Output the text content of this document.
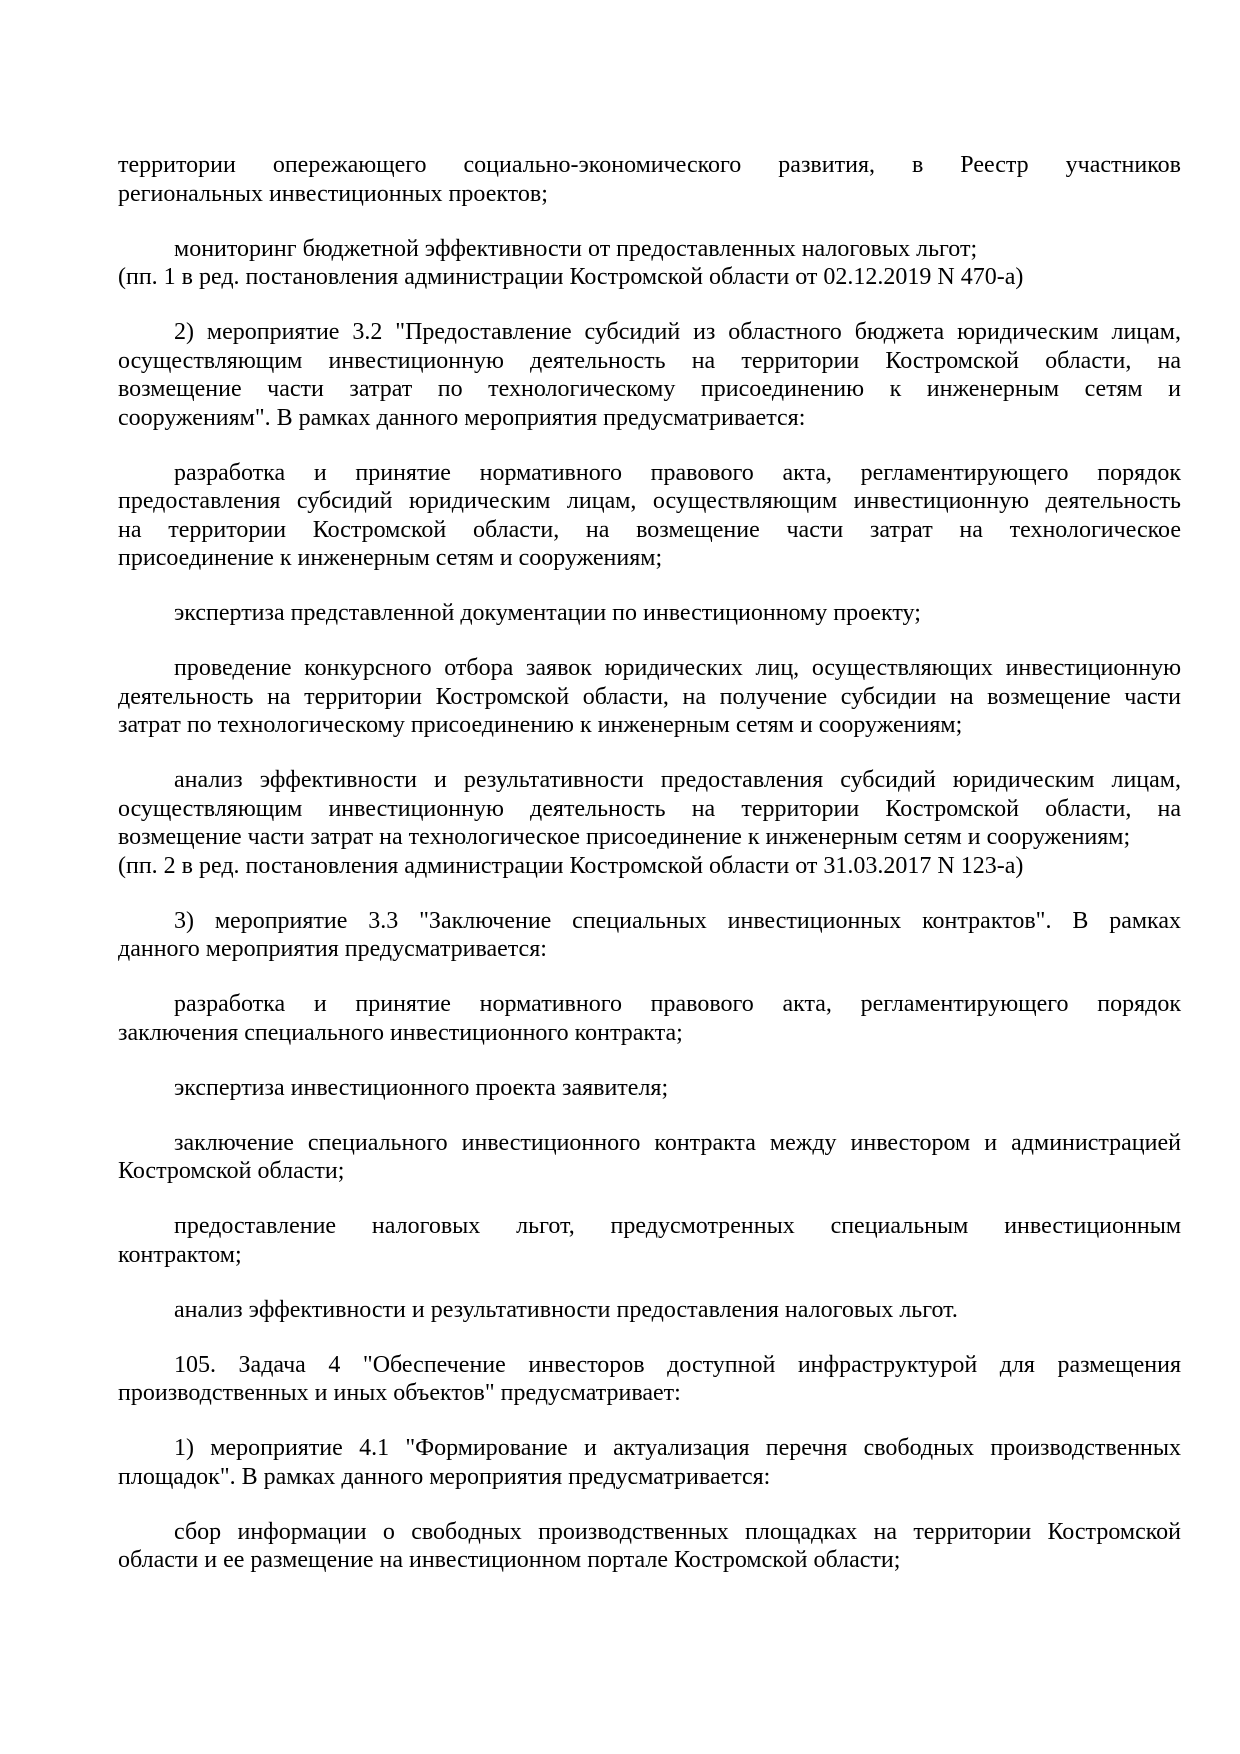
территории опережающего социально-экономического развития, в Реестр участников
региональных инвестиционных проектов;
мониторинг бюджетной эффективности от предоставленных налоговых льгот;
(пп. 1 в ред. постановления администрации Костромской области от 02.12.2019 N 470-а)
2) мероприятие 3.2 "Предоставление субсидий из областного бюджета юридическим лицам,
осуществляющим инвестиционную деятельность на территории Костромской области, на
возмещение части затрат по технологическому присоединению к инженерным сетям и
сооружениям". В рамках данного мероприятия предусматривается:
разработка и принятие нормативного правового акта, регламентирующего порядок
предоставления субсидий юридическим лицам, осуществляющим инвестиционную деятельность
на территории Костромской области, на возмещение части затрат на технологическое
присоединение к инженерным сетям и сооружениям;
экспертиза представленной документации по инвестиционному проекту;
проведение конкурсного отбора заявок юридических лиц, осуществляющих инвестиционную
деятельность на территории Костромской области, на получение субсидии на возмещение части
затрат по технологическому присоединению к инженерным сетям и сооружениям;
анализ эффективности и результативности предоставления субсидий юридическим лицам,
осуществляющим инвестиционную деятельность на территории Костромской области, на
возмещение части затрат на технологическое присоединение к инженерным сетям и сооружениям;
(пп. 2 в ред. постановления администрации Костромской области от 31.03.2017 N 123-а)
3) мероприятие 3.3 "Заключение специальных инвестиционных контрактов". В рамках
данного мероприятия предусматривается:
разработка и принятие нормативного правового акта, регламентирующего порядок
заключения специального инвестиционного контракта;
экспертиза инвестиционного проекта заявителя;
заключение специального инвестиционного контракта между инвестором и администрацией
Костромской области;
предоставление налоговых льгот, предусмотренных специальным инвестиционным
контрактом;
анализ эффективности и результативности предоставления налоговых льгот.
105. Задача 4 "Обеспечение инвесторов доступной инфраструктурой для размещения
производственных и иных объектов" предусматривает:
1) мероприятие 4.1 "Формирование и актуализация перечня свободных производственных
площадок". В рамках данного мероприятия предусматривается:
сбор информации о свободных производственных площадках на территории Костромской
области и ее размещение на инвестиционном портале Костромской области;
